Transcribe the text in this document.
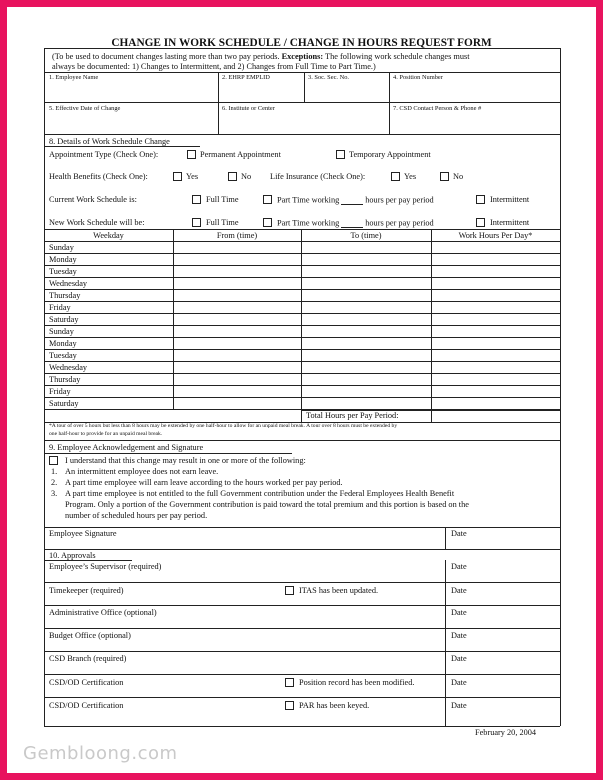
CHANGE IN WORK SCHEDULE / CHANGE IN HOURS REQUEST FORM
(To be used to document changes lasting more than two pay periods. Exceptions: The following work schedule changes must
always be documented: 1) Changes to Intermittent, and 2) Changes from Full Time to Part Time.)
1. Employee Name	2. EHRP EMPLID	3. Soc. Sec. No.	4. Position Number
5. Effective Date of Change	6. Institute or Center	7. CSD Contact Person & Phone #
8. Details of Work Schedule Change
Appointment Type (Check One):	Permanent Appointment	Temporary Appointment
Health Benefits (Check One):	Yes	No Life Insurance (Check One):	Yes	No
Current Work Schedule is:	Full Time	Part Time working	hours per pay period	Intermittent
New Work Schedule will be:	Full Time	Part Time working	hours per pay period	Intermittent
Weekday	From (time)	To (time)	Work Hours Per Day*
Sunday
Monday
Tuesday
Wednesday
Thursday
Friday
Saturday
Sunday
Monday
Tuesday
Wednesday
Thursday
Friday
Saturday
Total Hours per Pay Period:
*A tour of over 5 hours but less than 8 hours may be extended by one half-hour to allow for an unpaid meal break. A tour over 8 hours must be extended by
one half-hour to provide for an unpaid meal break.
9. Employee Acknowledgement and Signature
I understand that this change may result in one or more of the following:
1. An intermittent employee does not earn leave.
2. A part time employee will earn leave according to the hours worked per pay period.
3. A part time employee is not entitled to the full Government contribution under the Federal Employees Health Benefit
Program. Only a portion of the Government contribution is paid toward the total premium and this portion is based on the
number of scheduled hours per pay period.
Employee Signature	Date
10. Approvals
Employee’s Supervisor (required)	Date
Timekeeper (required)	ITAS has been updated.	Date
Administrative Office (optional)	Date
Budget Office (optional)	Date
CSD Branch (required)	Date
CSD/OD Certification	Position record has been modified.	Date
CSD/OD Certification	PAR has been keyed.	Date
February 20, 2004
Gembloong.com
